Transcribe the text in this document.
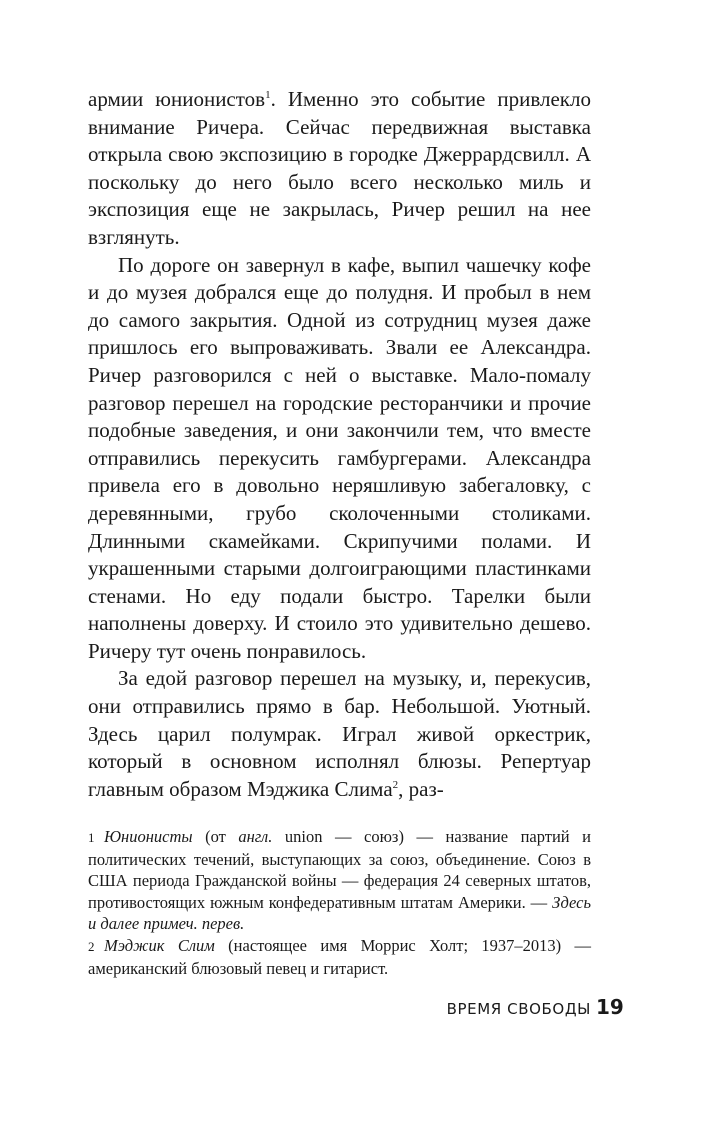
армии юнионистов$^1$. Именно это событие привлекло внимание Ричера. Сейчас передвижная выставка открыла свою экспозицию в городке Джеррардсвилл. А поскольку до него было всего несколько миль и экспозиция еще не закрылась, Ричер решил на нее взглянуть.

По дороге он завернул в кафе, выпил чашечку кофе и до музея добрался еще до полудня. И пробыл в нем до самого закрытия. Одной из сотрудниц музея даже пришлось его выпроваживать. Звали ее Александра. Ричер разговорился с ней о выставке. Мало-помалу разговор перешел на городские ресторанчики и прочие подобные заведения, и они закончили тем, что вместе отправились перекусить гамбургерами. Александра привела его в довольно неряшливую забегаловку, с деревянными, грубо сколоченными столиками. Длинными скамейками. Скрипучими полами. И украшенными старыми долгоиграющими пластинками стенами. Но еду подали быстро. Тарелки были наполнены доверху. И стоило это удивительно дешево. Ричеру тут очень понравилось.

За едой разговор перешел на музыку, и, перекусив, они отправились прямо в бар. Небольшой. Уютный. Здесь царил полумрак. Играл живой оркестрик, который в основном исполнял блюзы. Репертуар главным образом Мэджика Слима$^2$, раз-

1 Юнионисты (от англ. union — союз) — название партий и политических течений, выступающих за союз, объединение. Союз в США периода Гражданской войны — федерация 24 северных штатов, противостоящих южным конфедеративным штатам Америки. — Здесь и далее примеч. перев.

2 Мэджик Слим (настоящее имя Моррис Холт; 1937–2013) — американский блюзовый певец и гитарист.

ВРЕМЯ СВОБОДЫ 19
